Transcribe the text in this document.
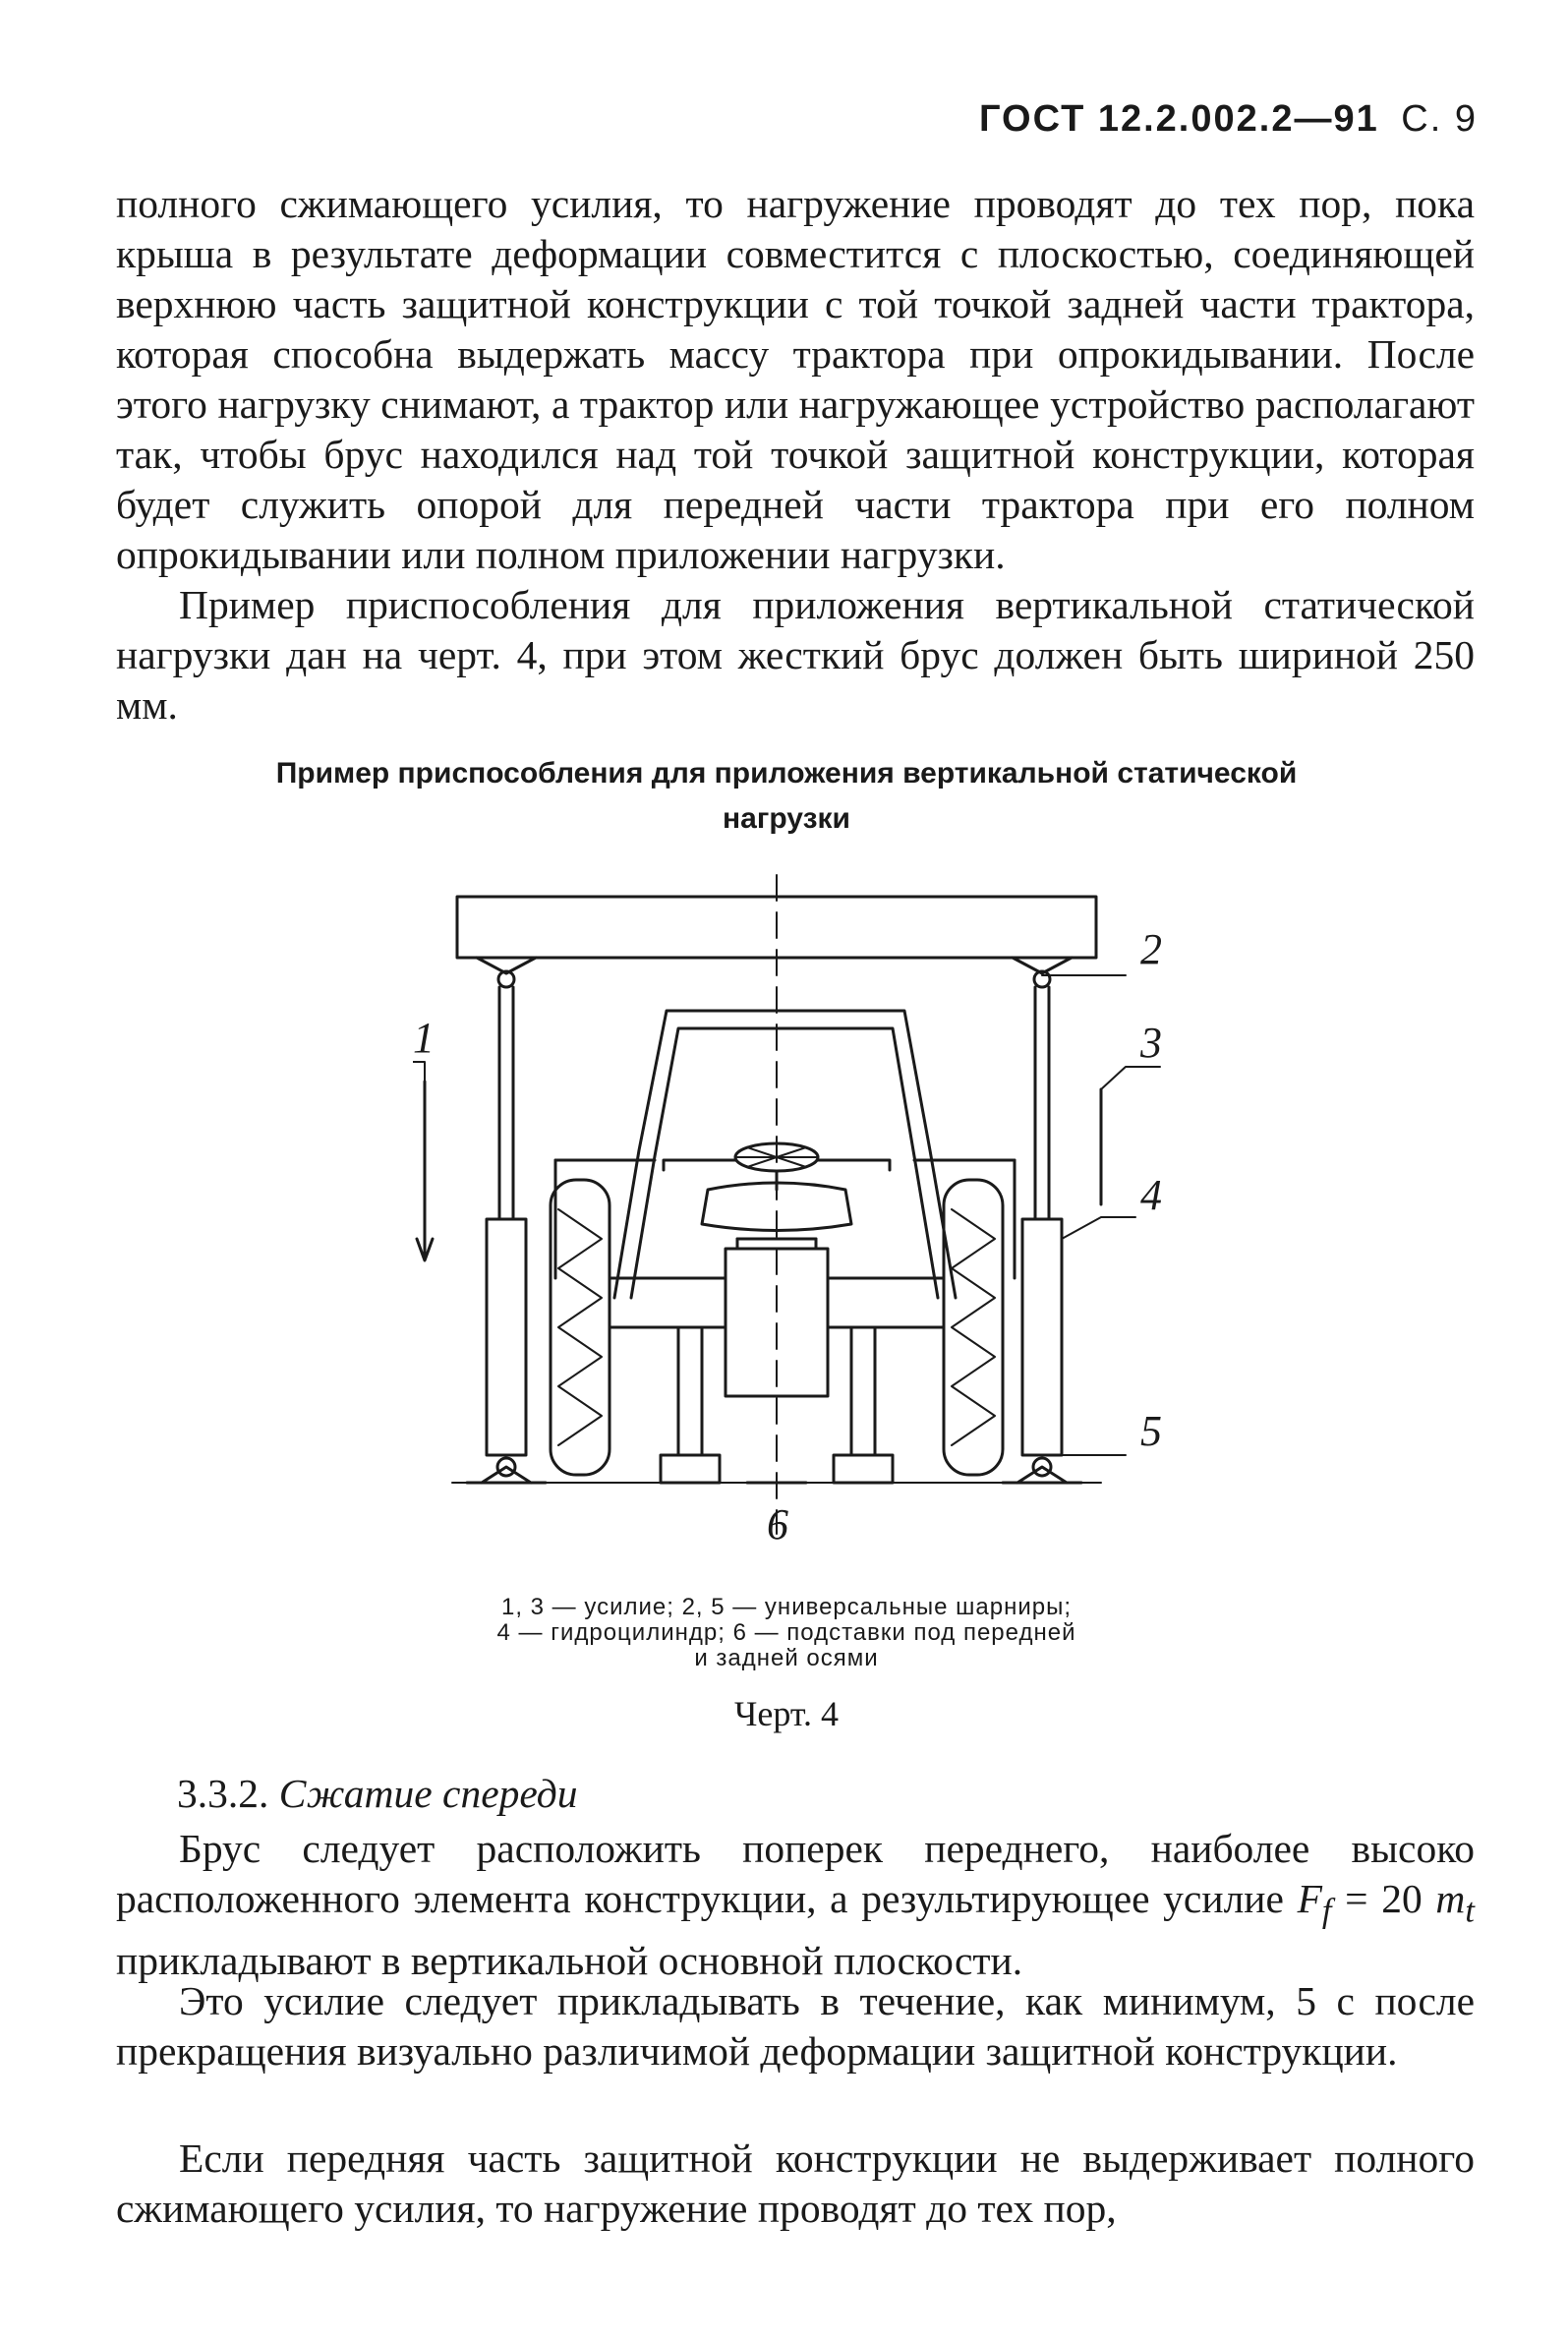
ГОСТ 12.2.002.2—91 С. 9

полного сжимающего усилия, то нагружение проводят до тех пор, пока крыша в результате деформации совместится с плоскостью, соединяющей верхнюю часть защитной конструкции с той точкой задней части трактора, которая способна выдержать массу трактора при опрокидывании. После этого нагрузку снимают, а трактор или нагружающее устройство располагают так, чтобы брус находился над той точкой защитной конструкции, которая будет служить опорой для передней части трактора при его полном опрокидывании или полном приложении нагрузки.

Пример приспособления для приложения вертикальной статической нагрузки дан на черт. 4, при этом жесткий брус должен быть шириной 250 мм.

Пример приспособления для приложения вертикальной статической
нагрузки

1
2
3
4
5
6

1, 3 — усилие; 2, 5 — универсальные шарниры;
4 — гидроцилиндр; 6 — подставки под передней
и задней осями

Черт. 4

3.3.2. Сжатие спереди

Брус следует расположить поперек переднего, наиболее высоко расположенного элемента конструкции, а результирующее усилие $F_f = 20$ $m_t$ прикладывают в вертикальной основной плоскости.

Это усилие следует прикладывать в течение, как минимум, 5 с после прекращения визуально различимой деформации защитной конструкции.

Если передняя часть защитной конструкции не выдерживает полного сжимающего усилия, то нагружение проводят до тех пор,
